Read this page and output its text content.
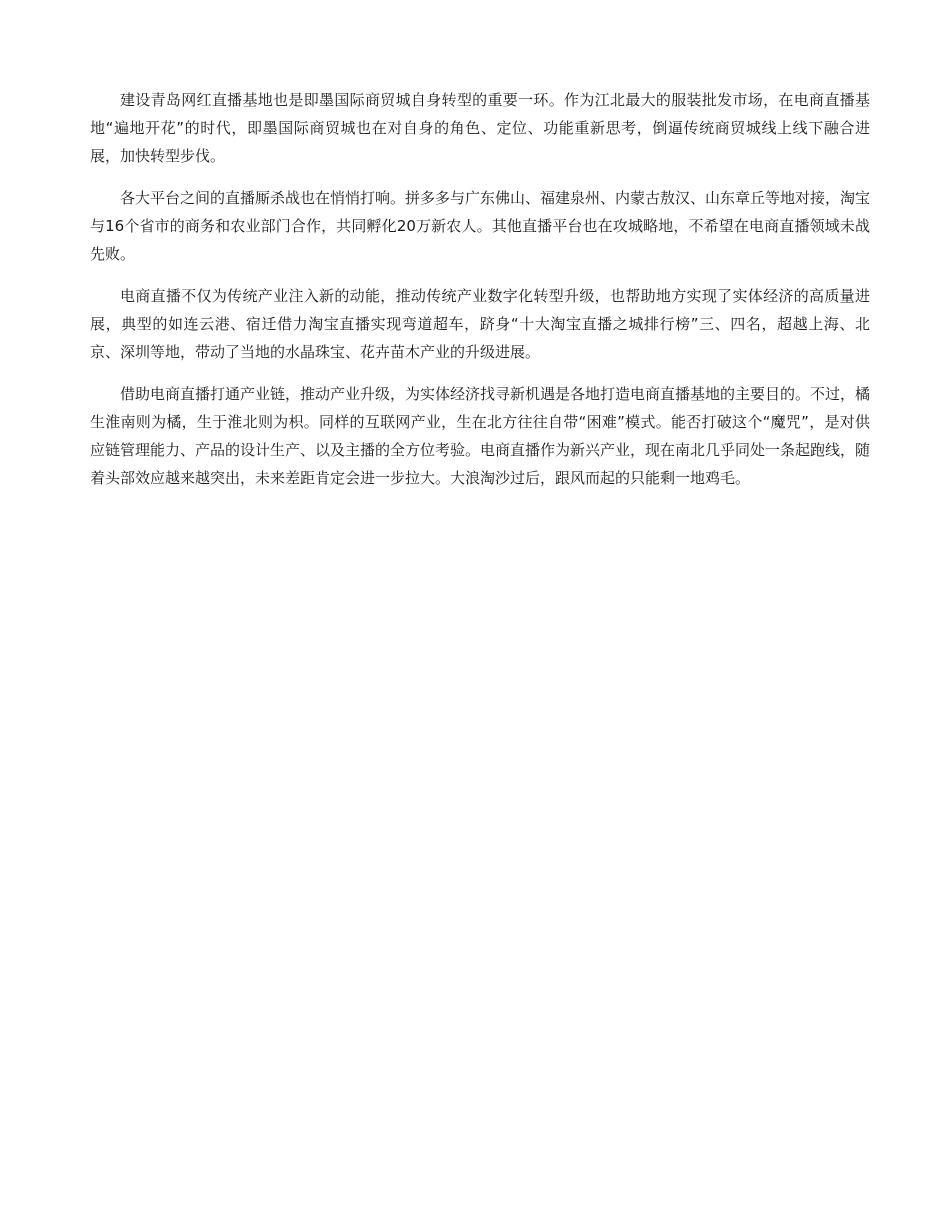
建设青岛网红直播基地也是即墨国际商贸城自身转型的重要一环。作为江北最大的服装批发市场，在电商直播基地“遍地开花”的时代，即墨国际商贸城也在对自身的角色、定位、功能重新思考，倒逼传统商贸城线上线下融合进展，加快转型步伐。

各大平台之间的直播厮杀战也在悄悄打响。拼多多与广东佛山、福建泉州、内蒙古敖汉、山东章丘等地对接，淘宝与16个省市的商务和农业部门合作，共同孵化20万新农人。其他直播平台也在攻城略地，不希望在电商直播领域未战先败。

电商直播不仅为传统产业注入新的动能，推动传统产业数字化转型升级，也帮助地方实现了实体经济的高质量进展，典型的如连云港、宿迁借力淘宝直播实现弯道超车，跻身“十大淘宝直播之城排行榜”三、四名，超越上海、北京、深圳等地，带动了当地的水晶珠宝、花卉苗木产业的升级进展。

借助电商直播打通产业链，推动产业升级，为实体经济找寻新机遇是各地打造电商直播基地的主要目的。不过，橘生淮南则为橘，生于淮北则为枳。同样的互联网产业，生在北方往往自带“困难”模式。能否打破这个“魔咒”，是对供应链管理能力、产品的设计生产、以及主播的全方位考验。电商直播作为新兴产业，现在南北几乎同处一条起跑线，随着头部效应越来越突出，未来差距肯定会进一步拉大。大浪淘沙过后，跟风而起的只能剩一地鸡毛。
